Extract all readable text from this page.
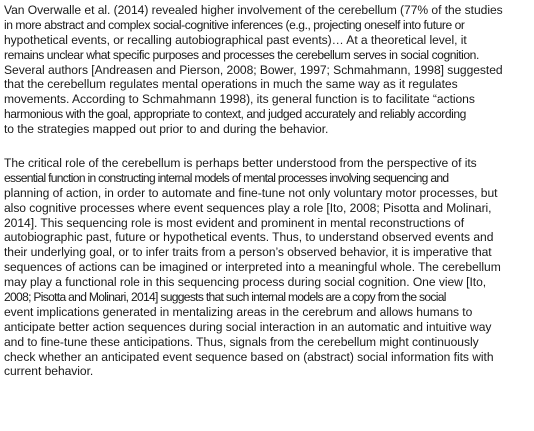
Van Overwalle et al. (2014) revealed higher involvement of the cerebellum (77% of the studies
in more abstract and complex social-cognitive inferences (e.g., projecting oneself into future or
hypothetical events, or recalling autobiographical past events)… At a theoretical level, it
remains unclear what specific purposes and processes the cerebellum serves in social cognition.
Several authors [Andreasen and Pierson, 2008; Bower, 1997; Schmahmann, 1998] suggested
that the cerebellum regulates mental operations in much the same way as it regulates
movements. According to Schmahmann 1998), its general function is to facilitate “actions
harmonious with the goal, appropriate to context, and judged accurately and reliably according
to the strategies mapped out prior to and during the behavior.
The critical role of the cerebellum is perhaps better understood from the perspective of its
essential function in constructing internal models of mental processes involving sequencing and
planning of action, in order to automate and fine-tune not only voluntary motor processes, but
also cognitive processes where event sequences play a role [Ito, 2008; Pisotta and Molinari,
2014]. This sequencing role is most evident and prominent in mental reconstructions of
autobiographic past, future or hypothetical events. Thus, to understand observed events and
their underlying goal, or to infer traits from a person’s observed behavior, it is imperative that
sequences of actions can be imagined or interpreted into a meaningful whole. The cerebellum
may play a functional role in this sequencing process during social cognition. One view [Ito,
2008; Pisotta and Molinari, 2014] suggests that such internal models are a copy from the social
event implications generated in mentalizing areas in the cerebrum and allows humans to
anticipate better action sequences during social interaction in an automatic and intuitive way
and to fine-tune these anticipations. Thus, signals from the cerebellum might continuously
check whether an anticipated event sequence based on (abstract) social information fits with
current behavior.
